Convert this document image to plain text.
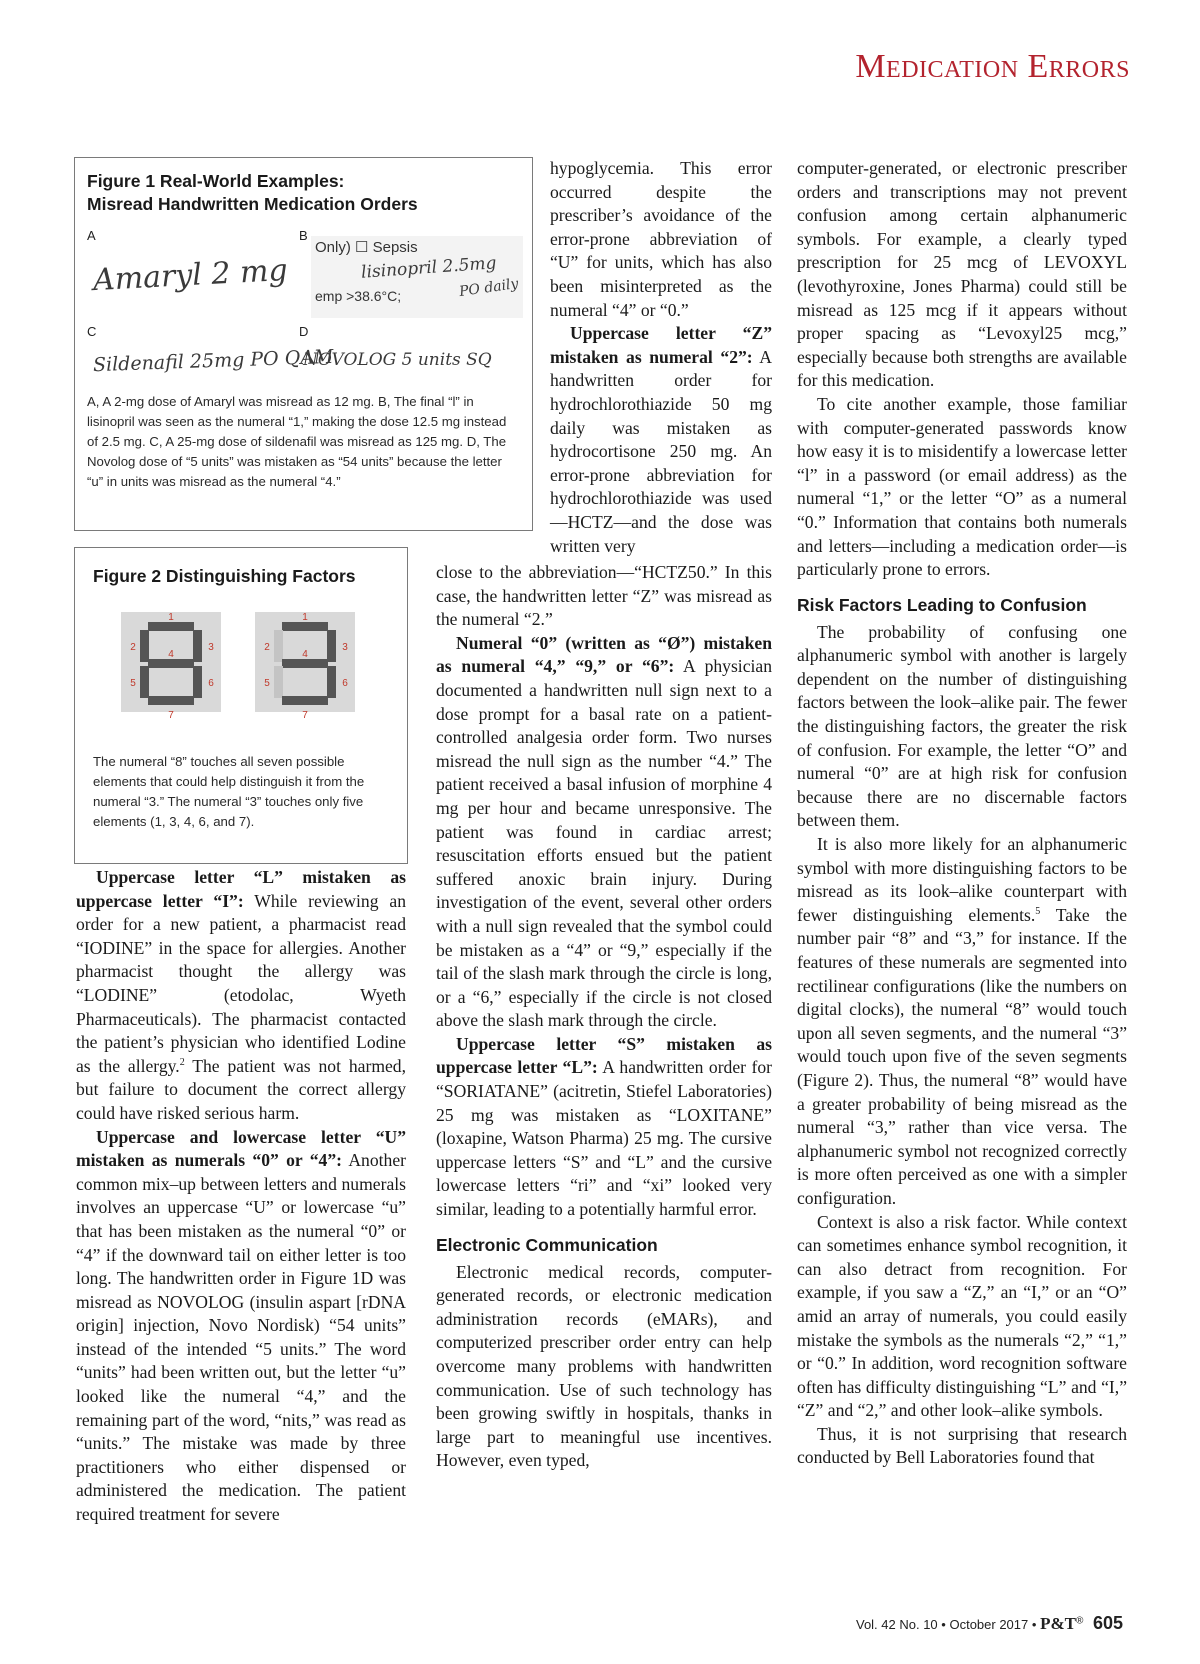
Medication Errors
Figure 1 Real-World Examples:
Misread Handwritten Medication Orders
A
Amaryl 2 mg
B
Only) ☐ Sepsis
lisinopril 2.5mg
emp >38.6°C;	PO daily
C
Sildenafil 25mg PO QAM
D
NOVOLOG 5 units SQ
A, A 2-mg dose of Amaryl was misread as 12 mg. B, The final “l” in lisinopril was seen as the numeral “1,” making the dose 12.5 mg instead of 2.5 mg. C, A 25-mg dose of sildenafil was misread as 125 mg. D, The Novolog dose of “5 units” was mistaken as “54 units” because the letter “u” in units was misread as the numeral “4.”
Figure 2 Distinguishing Factors
1
2	3
4
5	6
7
1
2	3
4
5	6
7
The numeral “8” touches all seven possible elements that could help distinguish it from the numeral “3.” The numeral “3” touches only five elements (1, 3, 4, 6, and 7).

Uppercase letter “L” mistaken as uppercase letter “I”: While reviewing an order for a new patient, a pharmacist read “IODINE” in the space for allergies. Another pharmacist thought the allergy was “LODINE” (etodolac, Wyeth Pharmaceuticals). The pharmacist contacted the patient’s physician who identified Lodine as the allergy.$^2$ The patient was not harmed, but failure to document the correct allergy could have risked serious harm.

Uppercase and lowercase letter “U” mistaken as numerals “0” or “4”: Another common mix–up between letters and numerals involves an uppercase “U” or lowercase “u” that has been mistaken as the numeral “0” or “4” if the downward tail on either letter is too long. The handwritten order in Figure 1D was misread as NOVOLOG (insulin aspart [rDNA origin] injection, Novo Nordisk) “54 units” instead of the intended “5 units.” The word “units” had been written out, but the letter “u” looked like the numeral “4,” and the remaining part of the word, “nits,” was read as “units.” The mistake was made by three practitioners who either dispensed or administered the medication. The patient required treatment for severe

hypoglycemia. This error occurred despite the prescriber’s avoidance of the error-prone abbreviation of “U” for units, which has also been misinterpreted as the numeral “4” or “0.”

Uppercase letter “Z” mistaken as numeral “2”: A handwritten order for hydrochlorothiazide 50 mg daily was mistaken as hydrocortisone 250 mg. An error-prone abbreviation for hydrochlorothiazide was used—HCTZ—and the dose was written very

close to the abbreviation—“HCTZ50.” In this case, the handwritten letter “Z” was misread as the numeral “2.”

Numeral “0” (written as “Ø”) mistaken as numeral “4,” “9,” or “6”: A physician documented a handwritten null sign next to a dose prompt for a basal rate on a patient-controlled analgesia order form. Two nurses misread the null sign as the number “4.” The patient received a basal infusion of morphine 4 mg per hour and became unresponsive. The patient was found in cardiac arrest; resuscitation efforts ensued but the patient suffered anoxic brain injury. During investigation of the event, several other orders with a null sign revealed that the symbol could be mistaken as a “4” or “9,” especially if the tail of the slash mark through the circle is long, or a “6,” especially if the circle is not closed above the slash mark through the circle.

Uppercase letter “S” mistaken as uppercase letter “L”: A handwritten order for “SORIATANE” (acitretin, Stiefel Laboratories) 25 mg was mistaken as “LOXITANE” (loxapine, Watson Pharma) 25 mg. The cursive uppercase letters “S” and “L” and the cursive lowercase letters “ri” and “xi” looked very similar, leading to a potentially harmful error.

Electronic Communication

Electronic medical records, computer-generated records, or electronic medication administration records (eMARs), and computerized prescriber order entry can help overcome many problems with handwritten communication. Use of such technology has been growing swiftly in hospitals, thanks in large part to meaningful use incentives. However, even typed,

computer-generated, or electronic prescriber orders and transcriptions may not prevent confusion among certain alphanumeric symbols. For example, a clearly typed prescription for 25 mcg of LEVOXYL (levothyroxine, Jones Pharma) could still be misread as 125 mcg if it appears without proper spacing as “Levoxyl25 mcg,” especially because both strengths are available for this medication.

To cite another example, those familiar with computer-generated passwords know how easy it is to misidentify a lowercase letter “l” in a password (or email address) as the numeral “1,” or the letter “O” as a numeral “0.” Information that contains both numerals and letters—including a medication order—is particularly prone to errors.

Risk Factors Leading to Confusion

The probability of confusing one alphanumeric symbol with another is largely dependent on the number of distinguishing factors between the look–alike pair. The fewer the distinguishing factors, the greater the risk of confusion. For example, the letter “O” and numeral “0” are at high risk for confusion because there are no discernable factors between them.

It is also more likely for an alphanumeric symbol with more distinguishing factors to be misread as its look–alike counterpart with fewer distinguishing elements.$^5$ Take the number pair “8” and “3,” for instance. If the features of these numerals are segmented into rectilinear configurations (like the numbers on digital clocks), the numeral “8” would touch upon all seven segments, and the numeral “3” would touch upon five of the seven segments (Figure 2). Thus, the numeral “8” would have a greater probability of being misread as the numeral “3,” rather than vice versa. The alphanumeric symbol not recognized correctly is more often perceived as one with a simpler configuration.

Context is also a risk factor. While context can sometimes enhance symbol recognition, it can also detract from recognition. For example, if you saw a “Z,” an “I,” or an “O” amid an array of numerals, you could easily mistake the symbols as the numerals “2,” “1,” or “0.” In addition, word recognition software often has difficulty distinguishing “L” and “I,” “Z” and “2,” and other look–alike symbols.

Thus, it is not surprising that research conducted by Bell Laboratories found that

Vol. 42 No. 10 • October 2017 • P&T® 605
